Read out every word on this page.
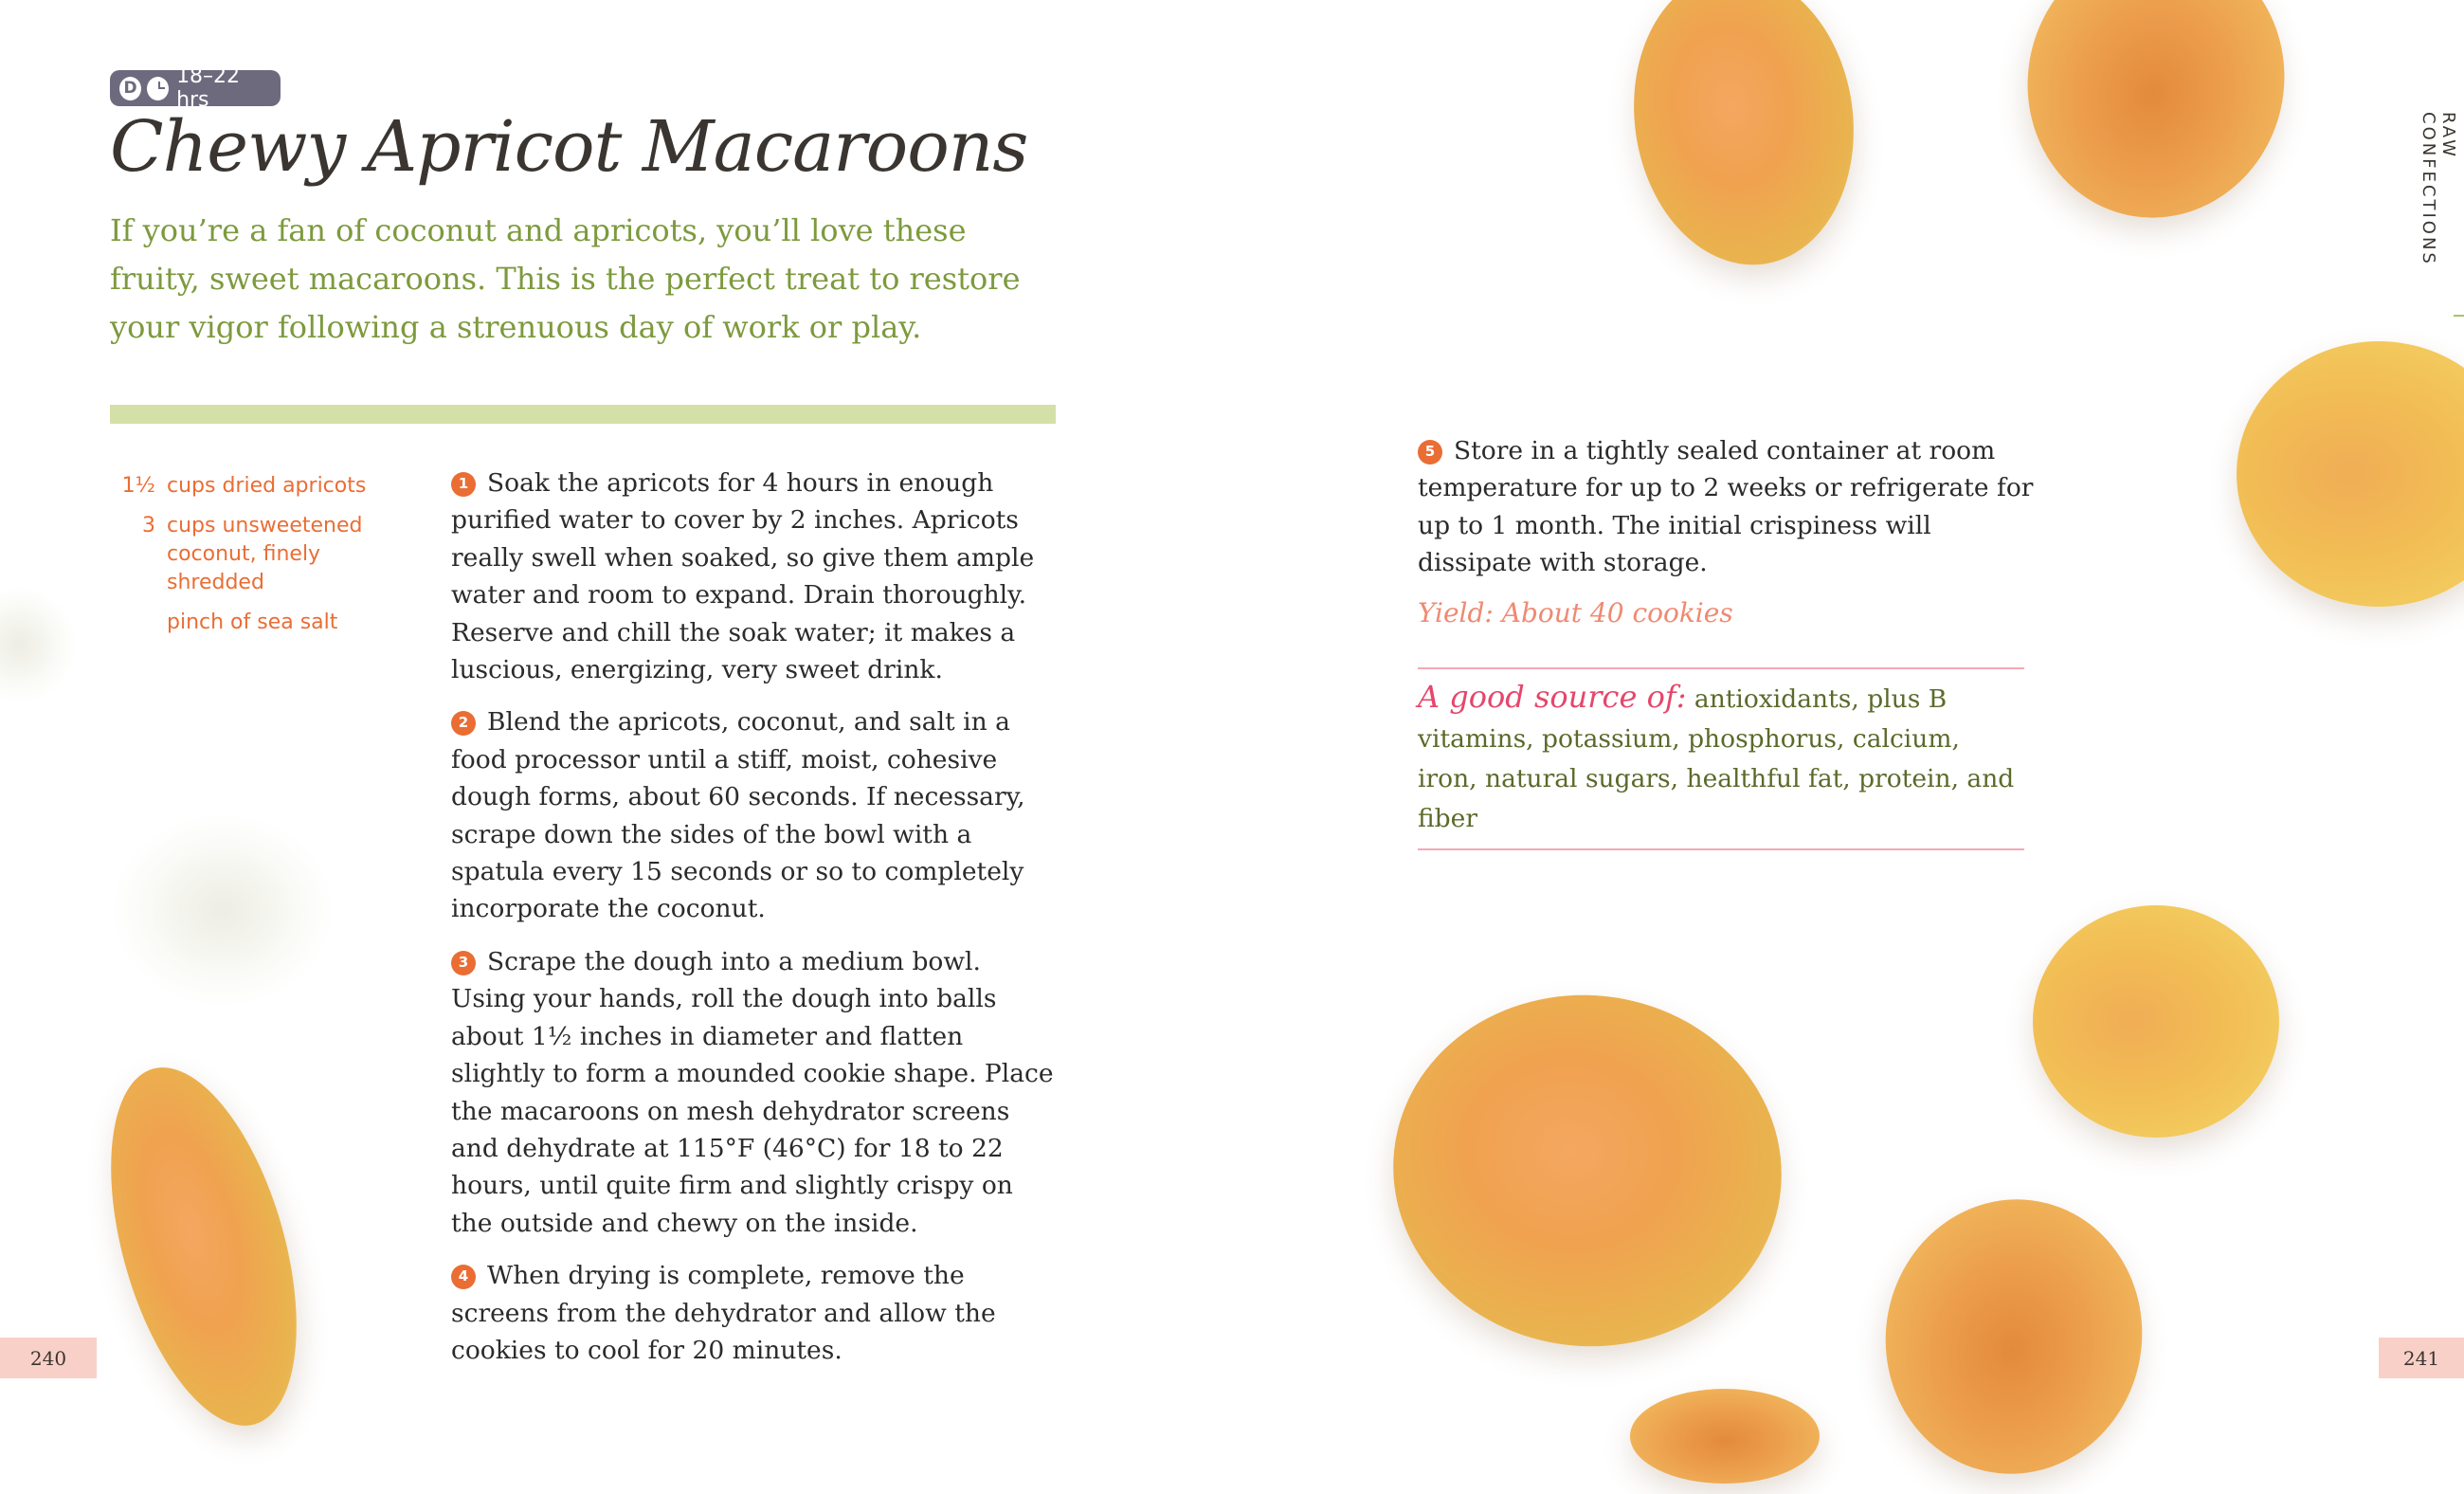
D 18–22 hrs
Chewy Apricot Macaroons

If you’re a fan of coconut and apricots, you’ll love these fruity, sweet macaroons. This is the perfect treat to restore your vigor following a strenuous day of work or play.

1½ cups dried apricots
3 cups unsweetened coconut, finely shredded
pinch of sea salt

1 Soak the apricots for 4 hours in enough purified water to cover by 2 inches. Apricots really swell when soaked, so give them ample water and room to expand. Drain thoroughly. Reserve and chill the soak water; it makes a luscious, energizing, very sweet drink.

2 Blend the apricots, coconut, and salt in a food processor until a stiff, moist, cohesive dough forms, about 60 seconds. If necessary, scrape down the sides of the bowl with a spatula every 15 seconds or so to completely incorporate the coconut.

3 Scrape the dough into a medium bowl. Using your hands, roll the dough into balls about 1½ inches in diameter and flatten slightly to form a mounded cookie shape. Place the macaroons on mesh dehydrator screens and dehydrate at 115°F (46°C) for 18 to 22 hours, until quite firm and slightly crispy on the outside and chewy on the inside.

4 When drying is complete, remove the screens from the dehydrator and allow the cookies to cool for 20 minutes.

240

5 Store in a tightly sealed container at room temperature for up to 2 weeks or refrigerate for up to 1 month. The initial crispiness will dissipate with storage.

Yield: About 40 cookies

A good source of: antioxidants, plus B vitamins, potassium, phosphorus, calcium, iron, natural sugars, healthful fat, protein, and fiber

RAW CONFECTIONS
241
